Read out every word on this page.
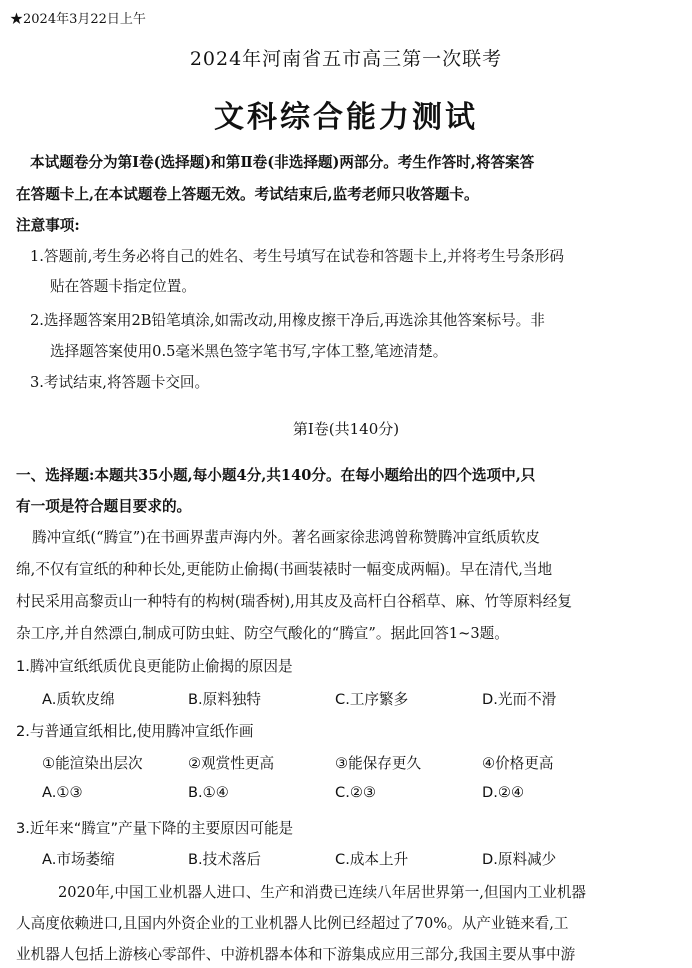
★2024年3月22日上午
2024年河南省五市高三第一次联考
文科综合能力测试
本试题卷分为第Ⅰ卷(选择题)和第Ⅱ卷(非选择题)两部分。考生作答时,将答案答
在答题卡上,在本试题卷上答题无效。考试结束后,监考老师只收答题卡。
注意事项:
1.答题前,考生务必将自己的姓名、考生号填写在试卷和答题卡上,并将考生号条形码
贴在答题卡指定位置。
2.选择题答案用2B铅笔填涂,如需改动,用橡皮擦干净后,再选涂其他答案标号。非
选择题答案使用0.5毫米黑色签字笔书写,字体工整,笔迹清楚。
3.考试结束,将答题卡交回。
第Ⅰ卷(共140分)
一、选择题:本题共35小题,每小题4分,共140分。在每小题给出的四个选项中,只
有一项是符合题目要求的。
腾冲宣纸(“腾宣”)在书画界蜚声海内外。著名画家徐悲鸿曾称赞腾冲宣纸质软皮
绵,不仅有宣纸的种种长处,更能防止偷揭(书画装裱时一幅变成两幅)。早在清代,当地
村民采用高黎贡山一种特有的构树(瑞香树),用其皮及高杆白谷稻草、麻、竹等原料经复
杂工序,并自然漂白,制成可防虫蛀、防空气酸化的“腾宣”。据此回答1~3题。
1.腾冲宣纸纸质优良更能防止偷揭的原因是
A.质软皮绵	B.原料独特	C.工序繁多	D.光而不滑
2.与普通宣纸相比,使用腾冲宣纸作画
①能渲染出层次	②观赏性更高	③能保存更久	④价格更高
A.①③	B.①④	C.②③	D.②④
3.近年来“腾宣”产量下降的主要原因可能是
A.市场萎缩	B.技术落后	C.成本上升	D.原料减少
2020年,中国工业机器人进口、生产和消费已连续八年居世界第一,但国内工业机器
人高度依赖进口,且国内外资企业的工业机器人比例已经超过了70%。从产业链来看,工
业机器人包括上游核心零部件、中游机器本体和下游集成应用三部分,我国主要从事中游
